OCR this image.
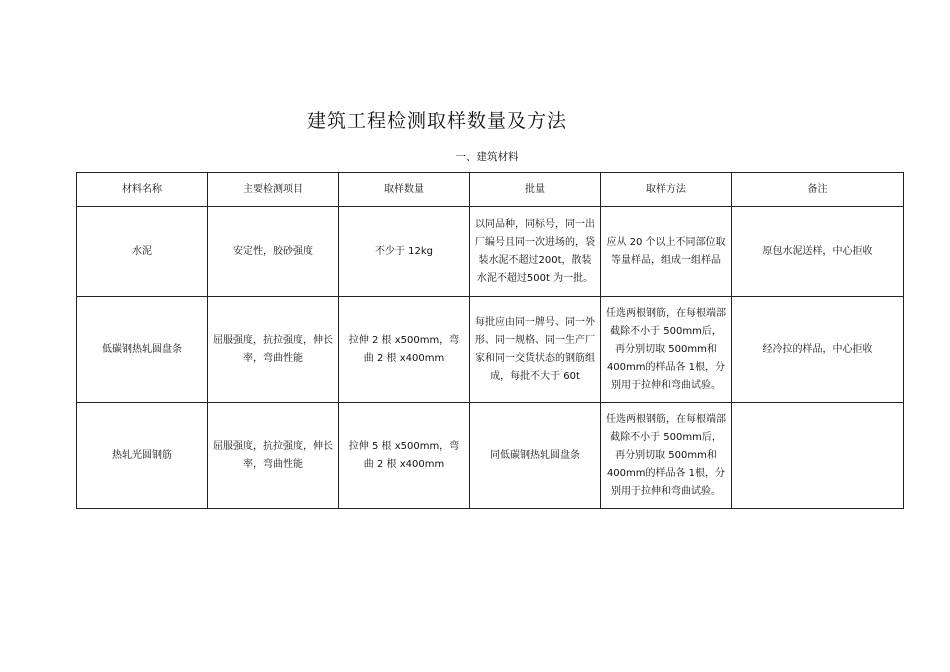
建筑工程检测取样数量及方法
一、建筑材料
材料名称	主要检测项目	取样数量	批量	取样方法	备注
水泥	安定性，胶砂强度	不少于 12kg	以同品种，同标号，同一出厂编号且同一次进场的，袋装水泥不超过200t，散装水泥不超过500t 为一批。	应从 20 个以上不同部位取等量样品，组成一组样品	原包水泥送样，中心拒收
低碳钢热轧圆盘条	屈服强度，抗拉强度，伸长率，弯曲性能	拉伸 2 根 x500mm，弯曲 2 根 x400mm	每批应由同一牌号、同一外形、同一规格、同一生产厂家和同一交货状态的钢筋组成，每批不大于 60t	任选两根钢筋，在每根端部截除不小于 500mm后，再分别切取 500mm和 400mm的样品各 1根，分别用于拉伸和弯曲试验。	经冷拉的样品，中心拒收
热轧光圆钢筋	屈服强度，抗拉强度，伸长率，弯曲性能	拉伸 5 根 x500mm，弯曲 2 根 x400mm	同低碳钢热轧圆盘条	任选两根钢筋，在每根端部截除不小于 500mm后，再分别切取 500mm和 400mm的样品各 1根，分别用于拉伸和弯曲试验。	
